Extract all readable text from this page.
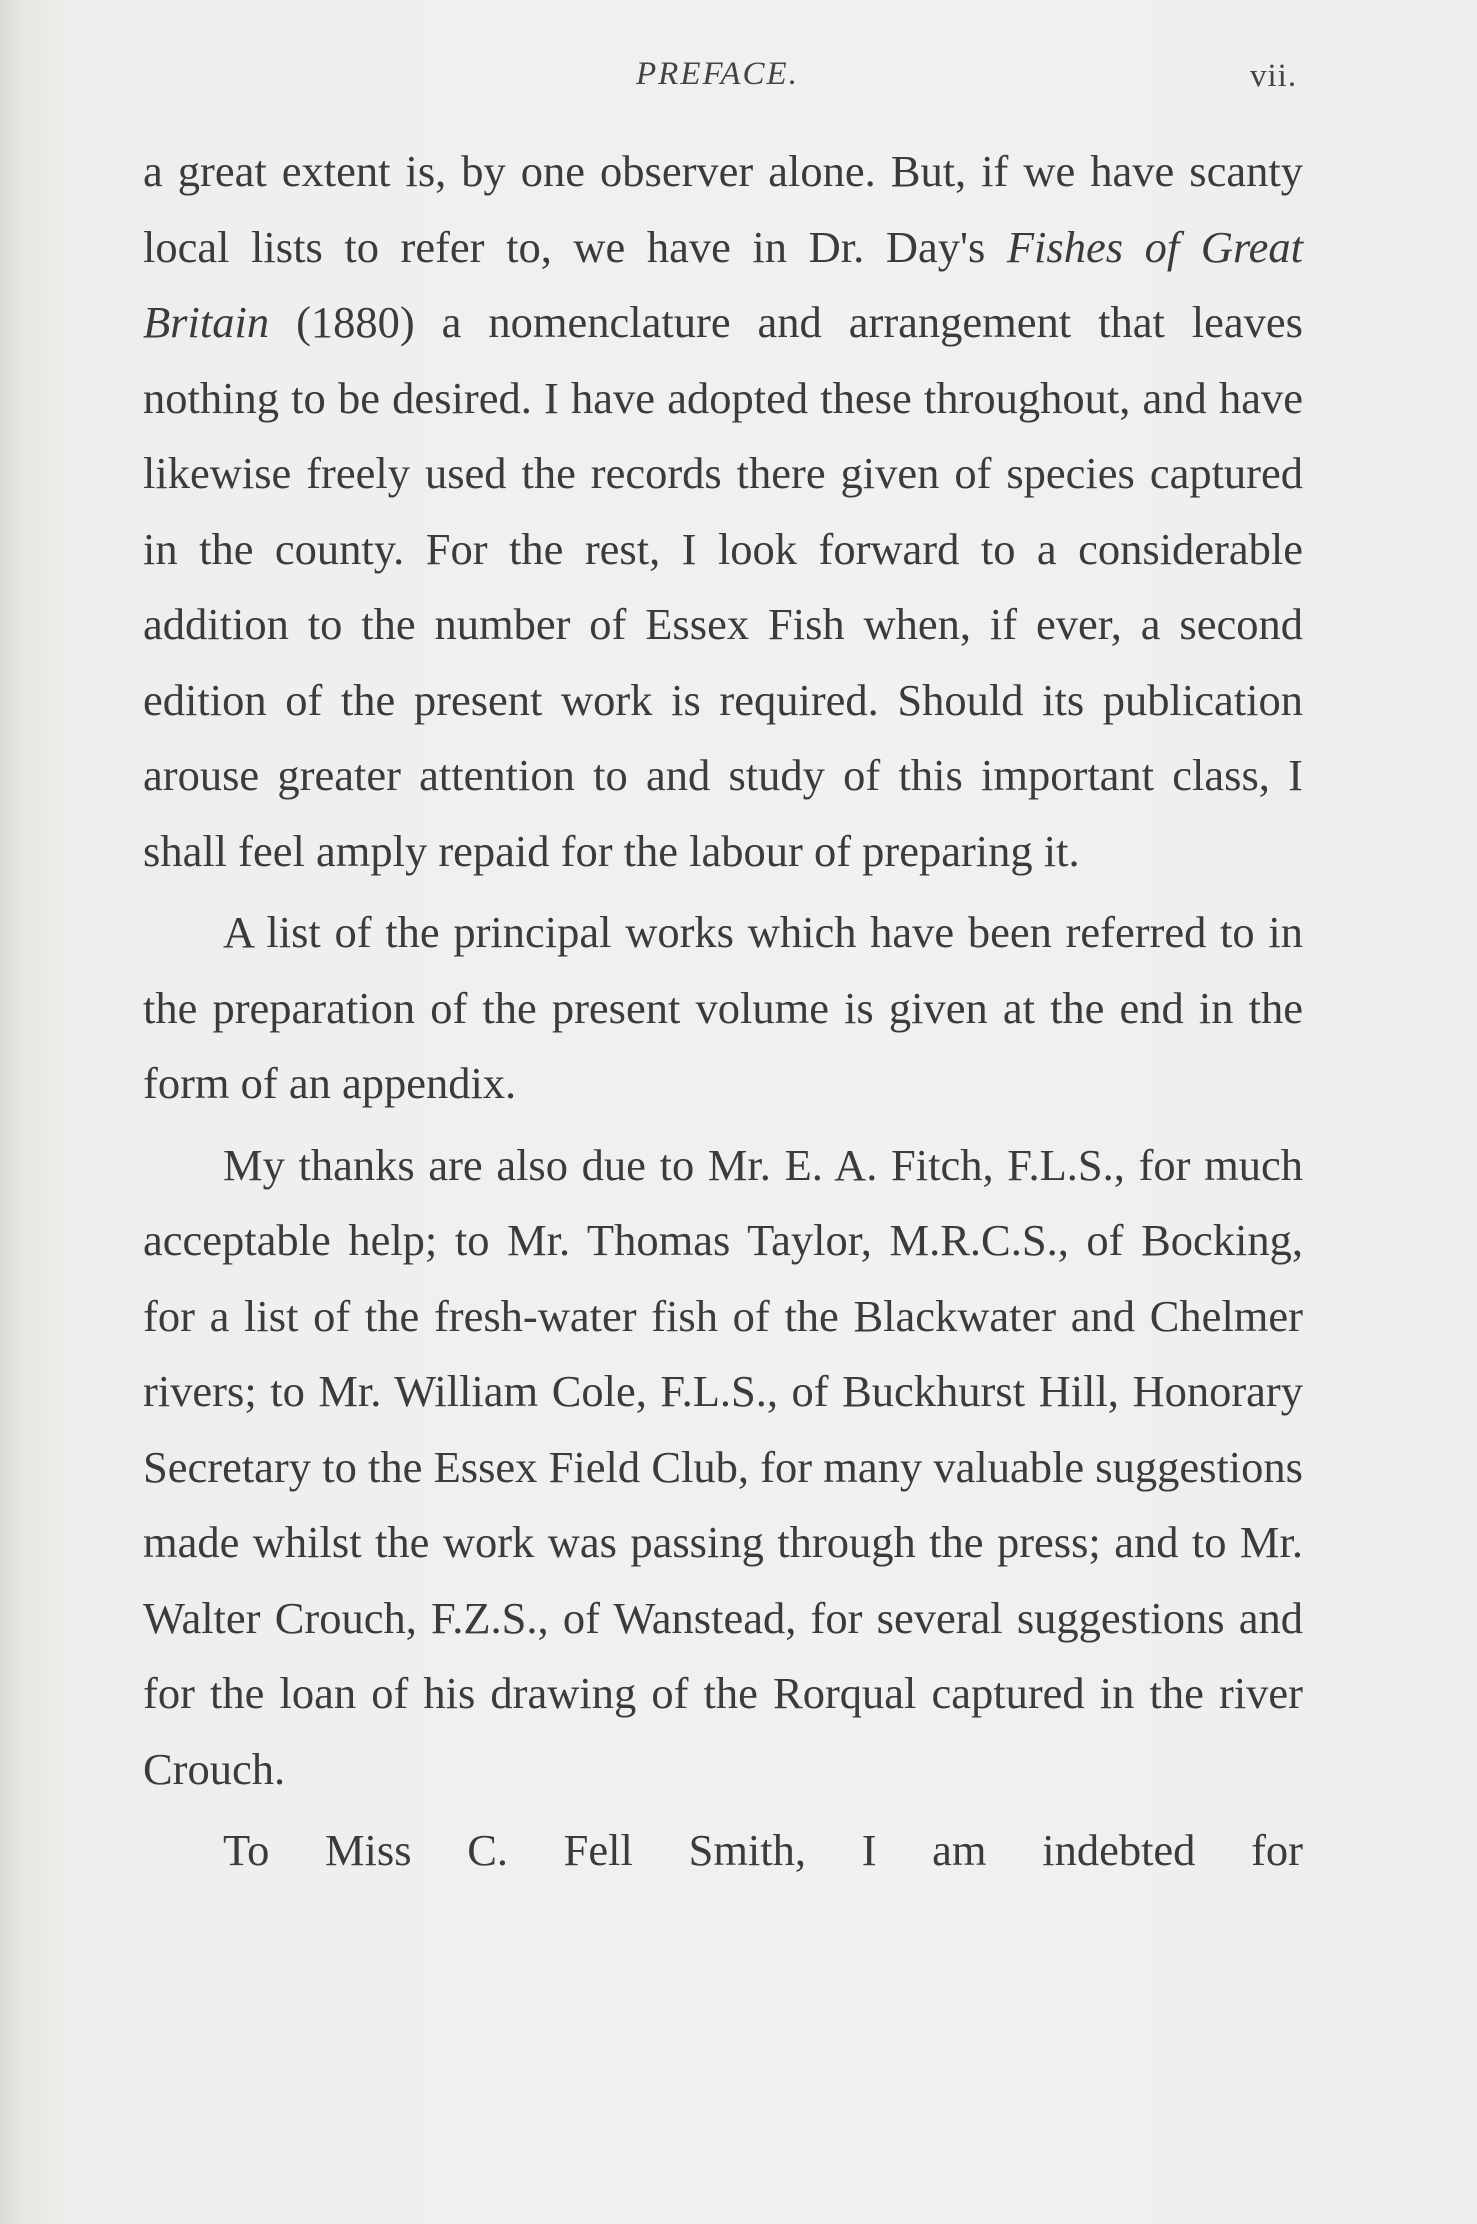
PREFACE.	vii.

a great extent is, by one observer alone. But, if we have scanty local lists to refer to, we have in Dr. Day's Fishes of Great Britain (1880) a nomenclature and arrangement that leaves nothing to be desired. I have adopted these throughout, and have likewise freely used the records there given of species captured in the county. For the rest, I look forward to a considerable addition to the number of Essex Fish when, if ever, a second edition of the present work is required. Should its publication arouse greater attention to and study of this important class, I shall feel amply repaid for the labour of preparing it.

A list of the principal works which have been referred to in the preparation of the present volume is given at the end in the form of an appendix.

My thanks are also due to Mr. E. A. Fitch, F.L.S., for much acceptable help; to Mr. Thomas Taylor, M.R.C.S., of Bocking, for a list of the fresh-water fish of the Blackwater and Chelmer rivers; to Mr. William Cole, F.L.S., of Buckhurst Hill, Honorary Secretary to the Essex Field Club, for many valuable suggestions made whilst the work was passing through the press; and to Mr. Walter Crouch, F.Z.S., of Wanstead, for several suggestions and for the loan of his drawing of the Rorqual captured in the river Crouch.

To Miss C. Fell Smith, I am indebted for
